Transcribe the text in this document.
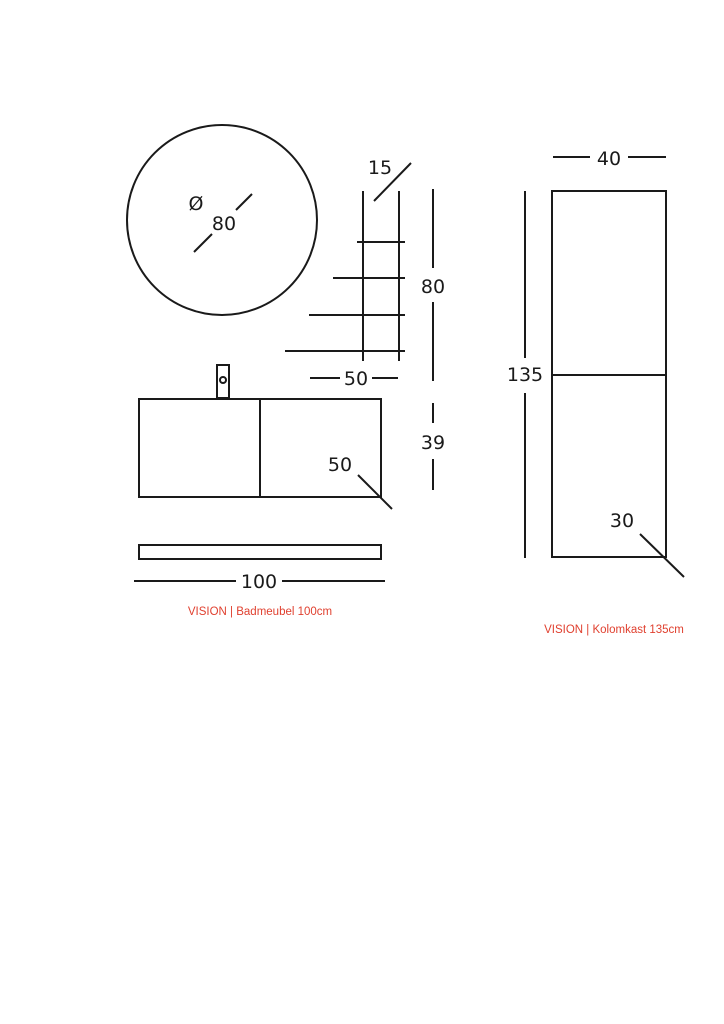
Ø
80
15
80
50
50
39
100
VISION | Badmeubel 100cm
40
135
30
VISION | Kolomkast 135cm
